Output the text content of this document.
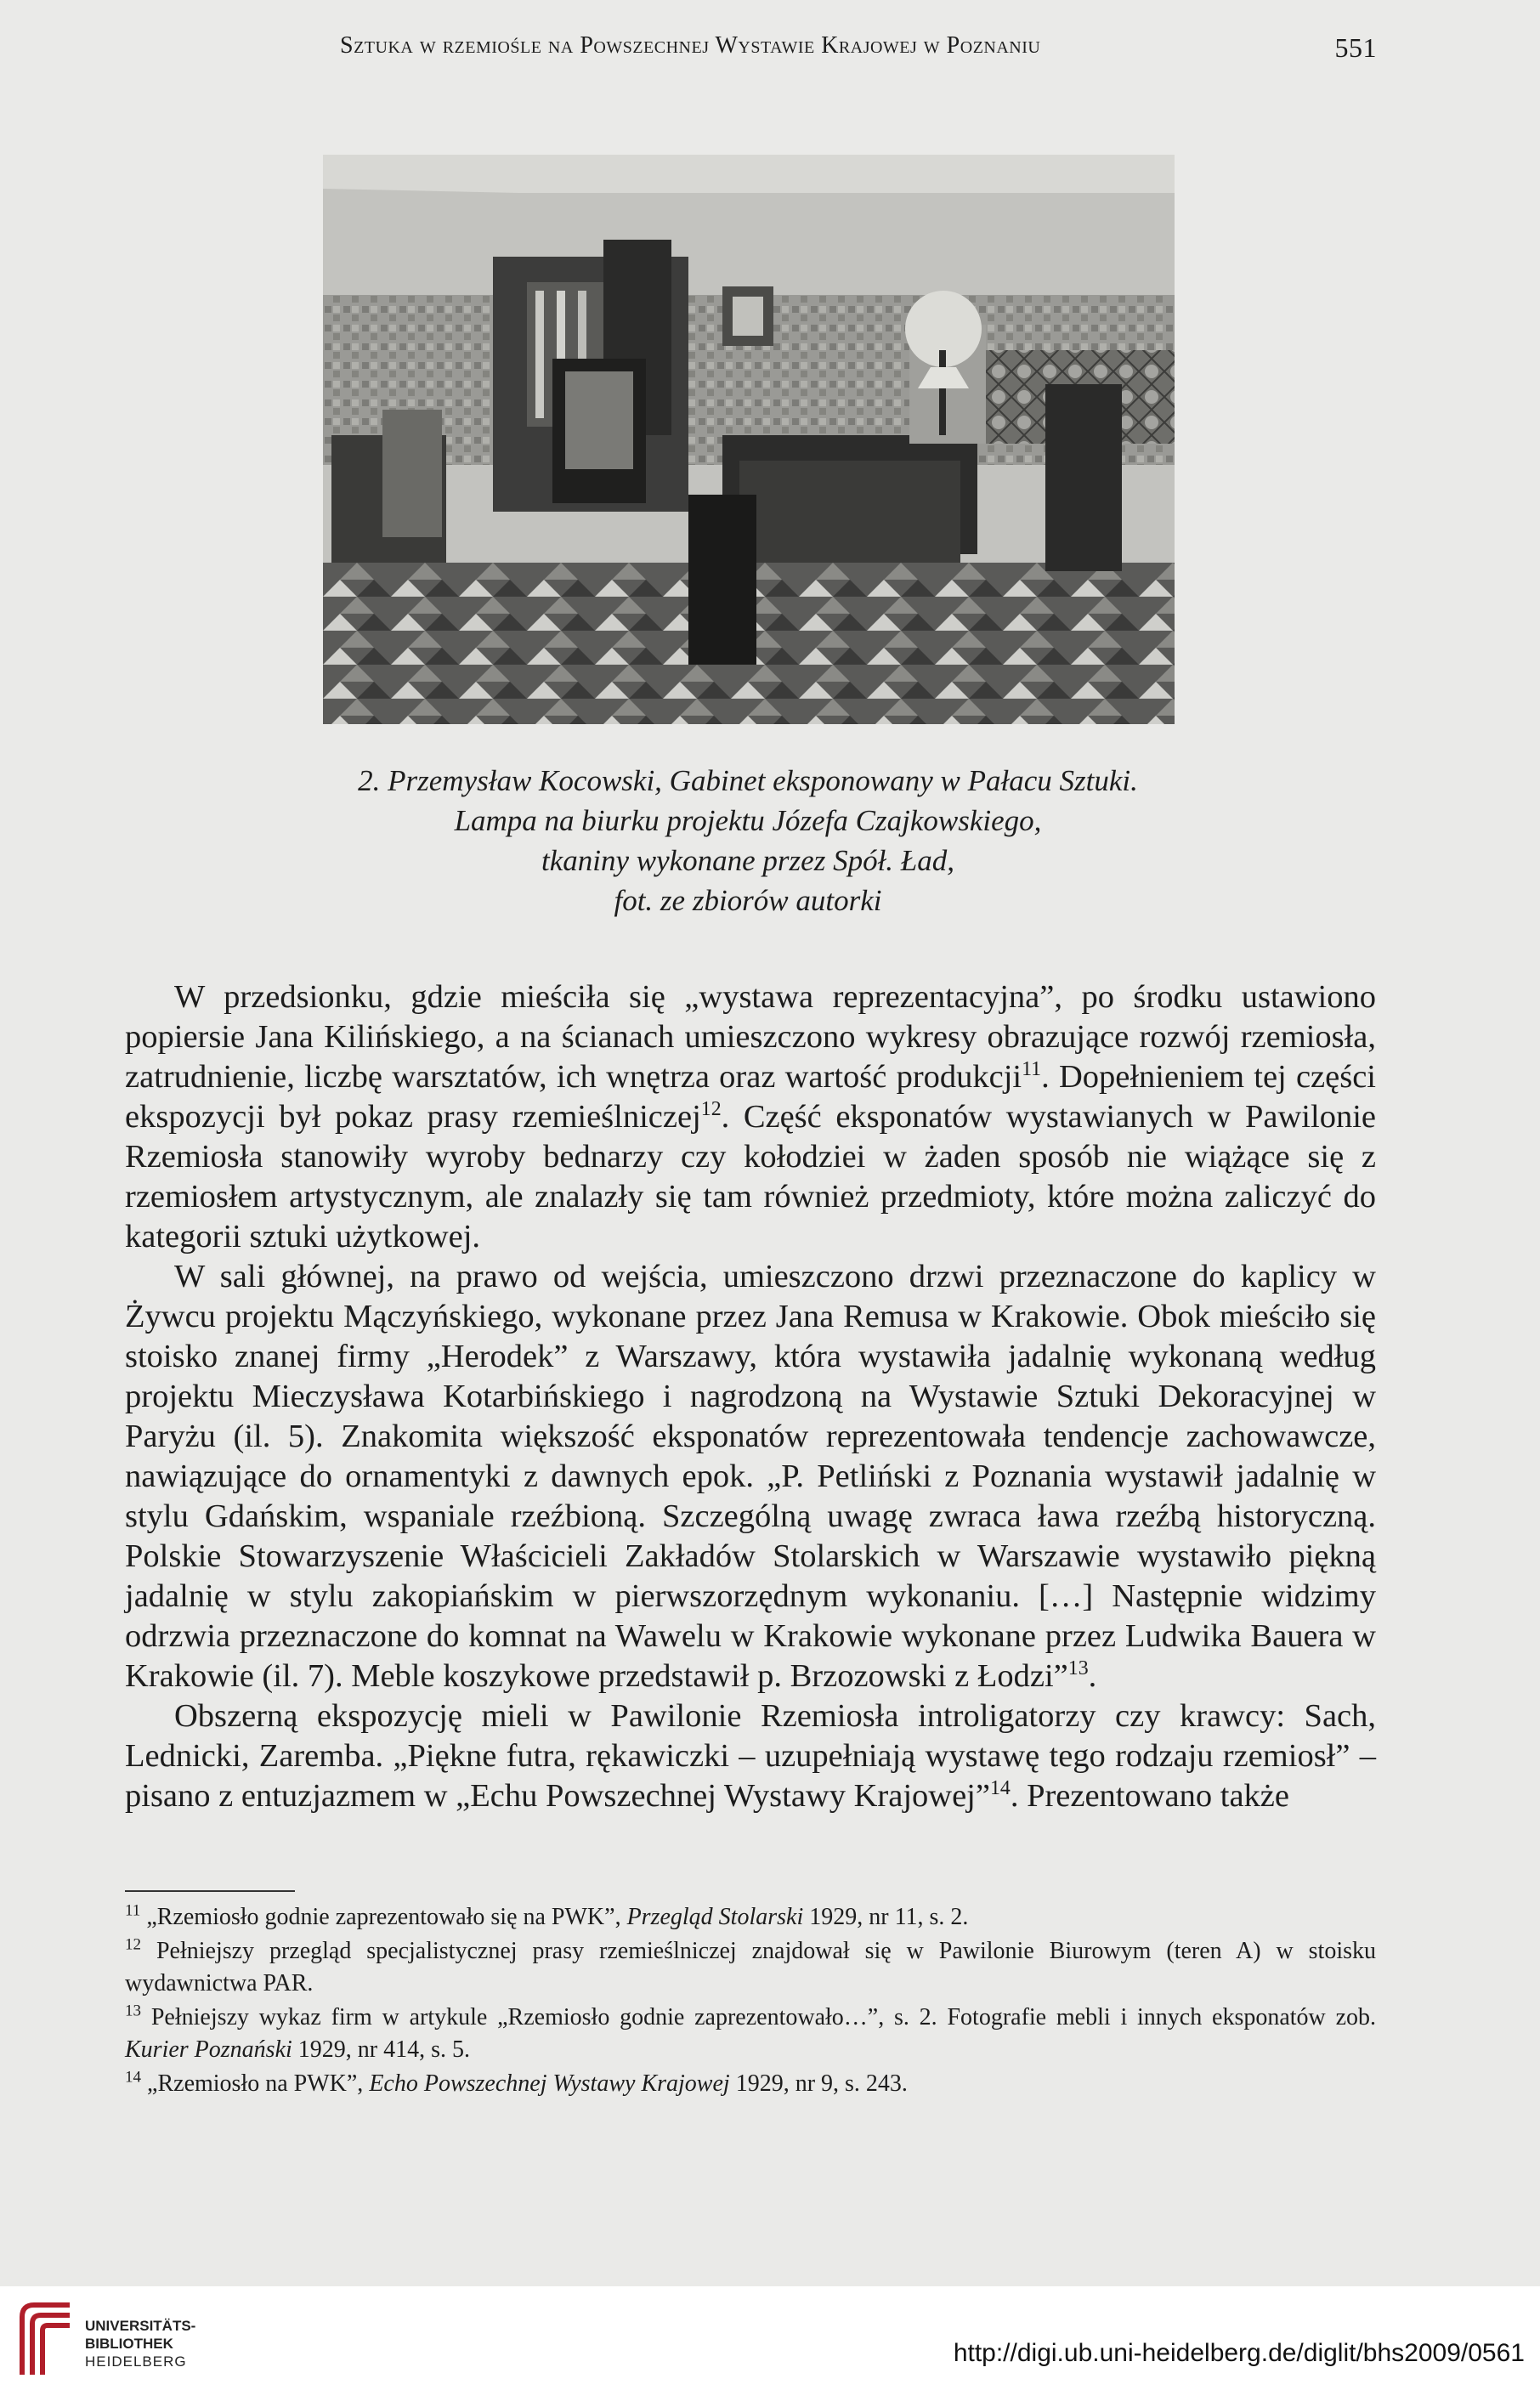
Sztuka w rzemiośle na Powszechnej Wystawie Krajowej w Poznaniu	551
2. Przemysław Kocowski, Gabinet eksponowany w Pałacu Sztuki.
Lampa na biurku projektu Józefa Czajkowskiego,
tkaniny wykonane przez Spół. Ład,
fot. ze zbiorów autorki

W przedsionku, gdzie mieściła się „wystawa reprezentacyjna”, po środku ustawiono popiersie Jana Kilińskiego, a na ścianach umieszczono wykresy obrazujące rozwój rzemiosła, zatrudnienie, liczbę warsztatów, ich wnętrza oraz wartość produkcji$^{11}$. Dopełnieniem tej części ekspozycji był pokaz prasy rzemieślniczej$^{12}$. Część eksponatów wystawianych w Pawilonie Rzemiosła stanowiły wyroby bednarzy czy kołodziei w żaden sposób nie wiążące się z rzemiosłem artystycznym, ale znalazły się tam również przedmioty, które można zaliczyć do kategorii sztuki użytkowej.

W sali głównej, na prawo od wejścia, umieszczono drzwi przeznaczone do kaplicy w Żywcu projektu Mączyńskiego, wykonane przez Jana Remusa w Krakowie. Obok mieściło się stoisko znanej firmy „Herodek” z Warszawy, która wystawiła jadalnię wykonaną według projektu Mieczysława Kotarbińskiego i nagrodzoną na Wystawie Sztuki Dekoracyjnej w Paryżu (il. 5). Znakomita większość eksponatów reprezentowała tendencje zachowawcze, nawiązujące do ornamentyki z dawnych epok. „P. Petliński z Poznania wystawił jadalnię w stylu Gdańskim, wspaniale rzeźbioną. Szczególną uwagę zwraca ława rzeźbą historyczną. Polskie Stowarzyszenie Właścicieli Zakładów Stolarskich w Warszawie wystawiło piękną jadalnię w stylu zakopiańskim w pierwszorzędnym wykonaniu. […] Następnie widzimy odrzwia przeznaczone do komnat na Wawelu w Krakowie wykonane przez Ludwika Bauera w Krakowie (il. 7). Meble koszykowe przedstawił p. Brzozowski z Łodzi”$^{13}$.

Obszerną ekspozycję mieli w Pawilonie Rzemiosła introligatorzy czy krawcy: Sach, Lednicki, Zaremba. „Piękne futra, rękawiczki – uzupełniają wystawę tego rodzaju rzemiosł” – pisano z entuzjazmem w „Echu Powszechnej Wystawy Krajowej”$^{14}$. Prezentowano także

$^{11}$ „Rzemiosło godnie zaprezentowało się na PWK”, Przegląd Stolarski 1929, nr 11, s. 2.

$^{12}$ Pełniejszy przegląd specjalistycznej prasy rzemieślniczej znajdował się w Pawilonie Biurowym (teren A) w stoisku wydawnictwa PAR.

$^{13}$ Pełniejszy wykaz firm w artykule „Rzemiosło godnie zaprezentowało…”, s. 2. Fotografie mebli i innych eksponatów zob. Kurier Poznański 1929, nr 414, s. 5.

$^{14}$ „Rzemiosło na PWK”, Echo Powszechnej Wystawy Krajowej 1929, nr 9, s. 243.

UNIVERSITÄTS-
BIBLIOTHEK
HEIDELBERG	http://digi.ub.uni-heidelberg.de/diglit/bhs2009/0561
